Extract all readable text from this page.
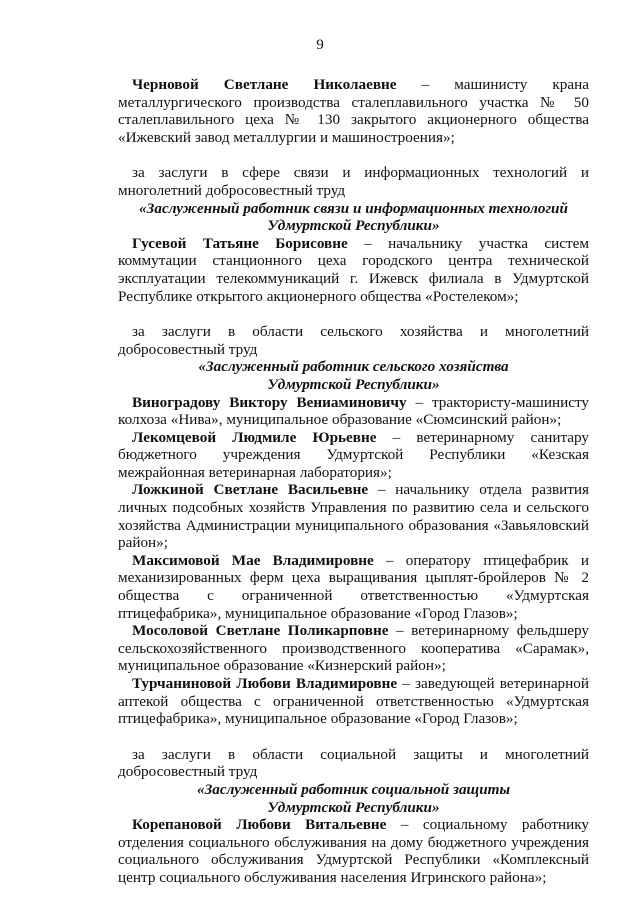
9

Черновой Светлане Николаевне – машинисту крана металлургического производства сталеплавильного участка № 50 сталеплавильного цеха № 130 закрытого акционерного общества «Ижевский завод металлургии и машиностроения»;

за заслуги в сфере связи и информационных технологий и многолетний добросовестный труд

«Заслуженный работник связи и информационных технологий

Удмуртской Республики»

Гусевой Татьяне Борисовне – начальнику участка систем коммутации станционного цеха городского центра технической эксплуатации телекоммуникаций г. Ижевск филиала в Удмуртской Республике открытого акционерного общества «Ростелеком»;

за заслуги в области сельского хозяйства и многолетний добросовестный труд

«Заслуженный работник сельского хозяйства

Удмуртской Республики»

Виноградову Виктору Вениаминовичу – трактористу-машинисту колхоза «Нива», муниципальное образование «Сюмсинский район»;

Лекомцевой Людмиле Юрьевне – ветеринарному санитару бюджетного учреждения Удмуртской Республики «Кезская межрайонная ветеринарная лаборатория»;

Ложкиной Светлане Васильевне – начальнику отдела развития личных подсобных хозяйств Управления по развитию села и сельского хозяйства Администрации муниципального образования «Завьяловский район»;

Максимовой Мае Владимировне – оператору птицефабрик и механизированных ферм цеха выращивания цыплят-бройлеров № 2 общества с ограниченной ответственностью «Удмуртская птицефабрика», муниципальное образование «Город Глазов»;

Мосоловой Светлане Поликарповне – ветеринарному фельдшеру сельскохозяйственного производственного кооператива «Сарамак», муниципальное образование «Кизнерский район»;

Турчаниновой Любови Владимировне – заведующей ветеринарной аптекой общества с ограниченной ответственностью «Удмуртская птицефабрика», муниципальное образование «Город Глазов»;

за заслуги в области социальной защиты и многолетний добросовестный труд

«Заслуженный работник социальной защиты

Удмуртской Республики»

Корепановой Любови Витальевне – социальному работнику отделения социального обслуживания на дому бюджетного учреждения социального обслуживания Удмуртской Республики «Комплексный центр социального обслуживания населения Игринского района»;
